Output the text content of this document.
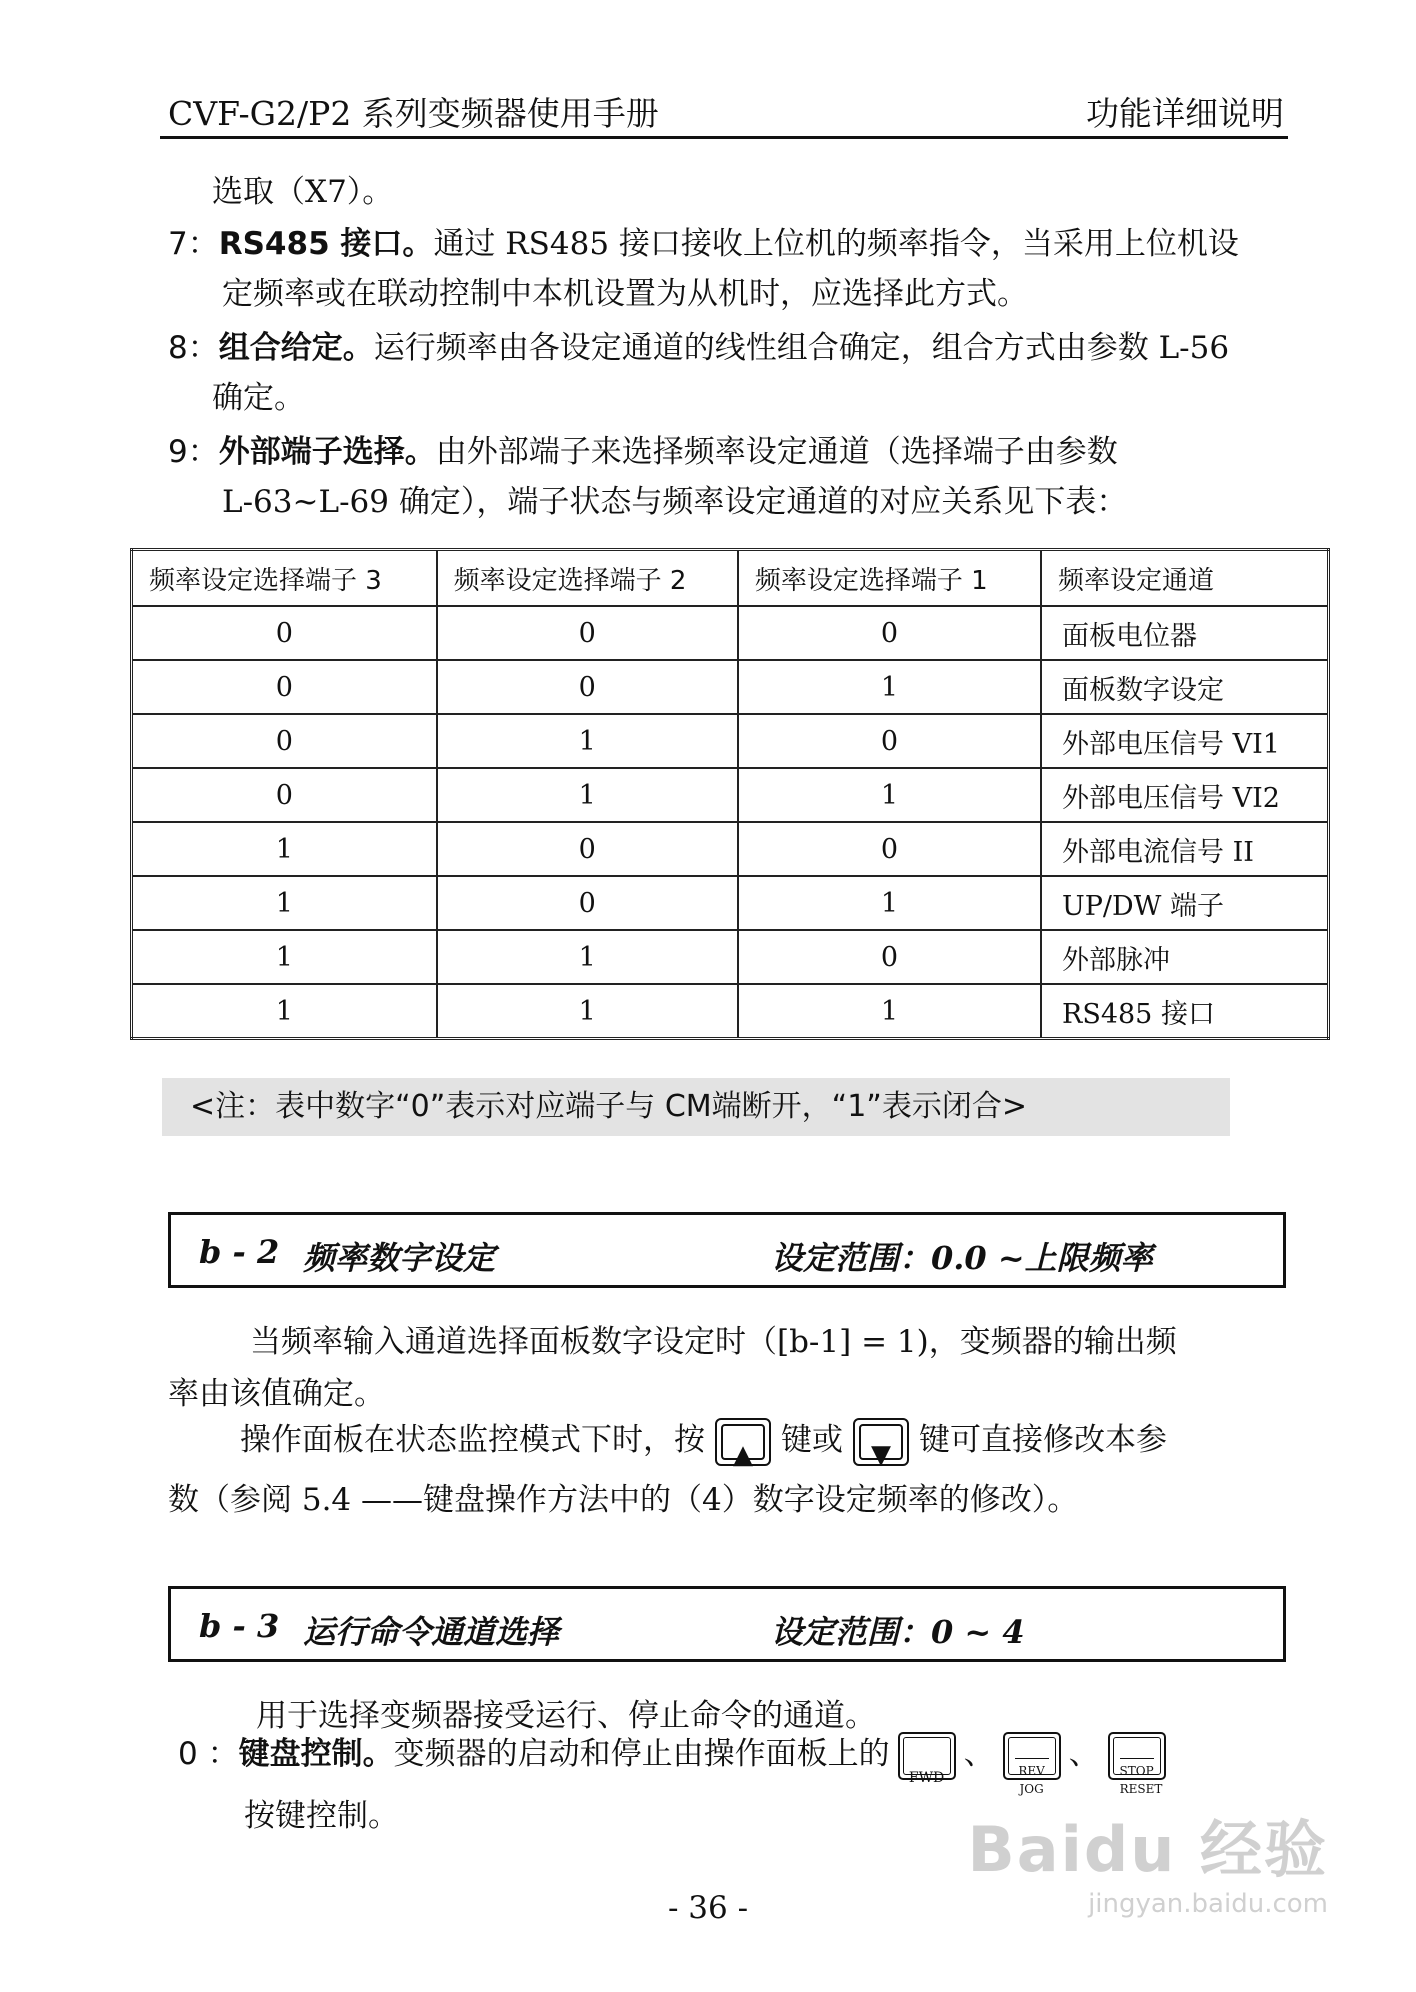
CVF-G2/P2 系列变频器使用手册	功能详细说明
选取（X7）。
7：RS485 接口。通过 RS485 接口接收上位机的频率指令，当采用上位机设
定频率或在联动控制中本机设置为从机时，应选择此方式。
8：组合给定。运行频率由各设定通道的线性组合确定，组合方式由参数 L-56
确定。
9：外部端子选择。由外部端子来选择频率设定通道（选择端子由参数
L-63~L-69 确定），端子状态与频率设定通道的对应关系见下表：
频率设定选择端子 3	频率设定选择端子 2	频率设定选择端子 1	频率设定通道
0	0	0	面板电位器
0	0	1	面板数字设定
0	1	0	外部电压信号 VI1
0	1	1	外部电压信号 VI2
1	0	0	外部电流信号 II
1	0	1	UP/DW 端子
1	1	0	外部脉冲
1	1	1	RS485 接口
<注：表中数字“0”表示对应端子与 CM端断开，“1”表示闭合>
b - 2 频率数字设定	设定范围：0.0 ~上限频率
当频率输入通道选择面板数字设定时（[b-1] = 1)，变频器的输出频
率由该值确定。
操作面板在状态监控模式下时，按	▲ 键或	▼ 键可直接修改本参
数（参阅 5.4 ——键盘操作方法中的（4）数字设定频率的修改）。
b - 3 运行命令通道选择	设定范围：0 ~ 4
用于选择变频器接受运行、停止命令的通道。
0 ：键盘控制。变频器的启动和停止由操作面板上的
FWD
、	REV
JOG
、	STOP
RESET
按键控制。
- 36 -
Baidu 经验
jingyan.baidu.com
